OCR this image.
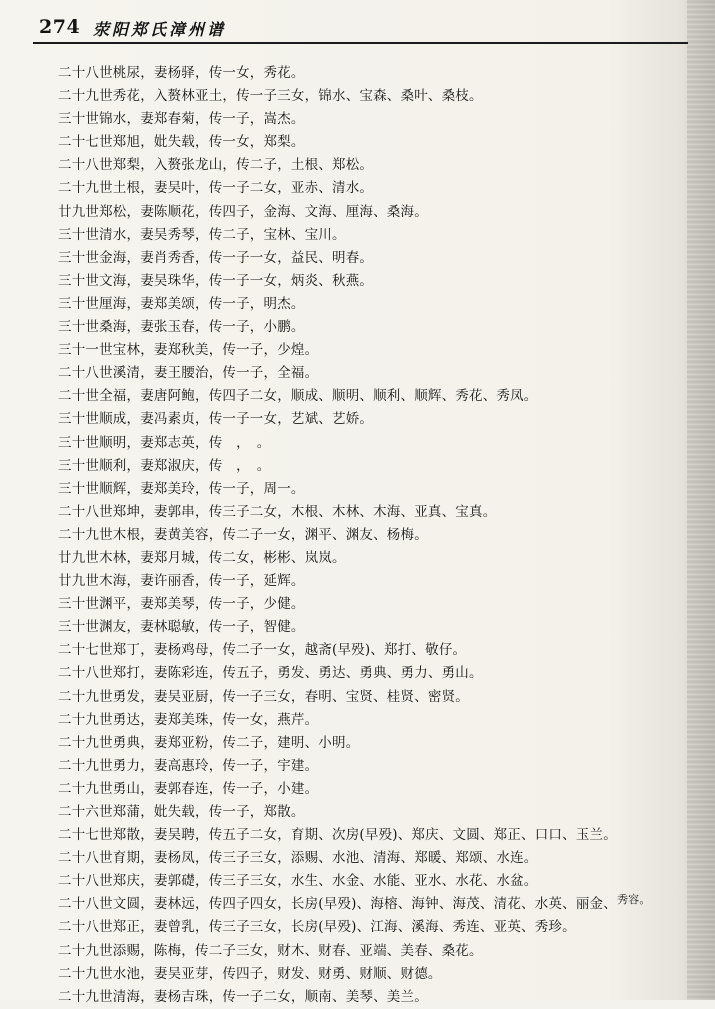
274 荥阳郑氏漳州谱
二十八世桃尿，妻杨驿，传一女，秀花。
二十九世秀花，入赘林亚土，传一子三女，锦水、宝森、桑叶、桑枝。
三十世锦水，妻郑春菊，传一子，嵩杰。
二十七世郑旭，妣失载，传一女，郑梨。
二十八世郑梨，入赘张龙山，传二子，土根、郑松。
二十九世土根，妻吴叶，传一子二女，亚赤、清水。
廿九世郑松，妻陈顺花，传四子，金海、文海、厘海、桑海。
三十世清水，妻吴秀琴，传二子，宝林、宝川。
三十世金海，妻肖秀香，传一子一女，益民、明春。
三十世文海，妻吴珠华，传一子一女，炳炎、秋燕。
三十世厘海，妻郑美颂，传一子，明杰。
三十世桑海，妻张玉春，传一子，小鹏。
三十一世宝林，妻郑秋美，传一子，少煌。
二十八世溪清，妻王腰治，传一子，全福。
二十世全福，妻唐阿鲍，传四子二女，顺成、顺明、顺利、顺辉、秀花、秀凤。
三十世顺成，妻冯素贞，传一子一女，艺斌、艺娇。
三十世顺明，妻郑志英，传　，　。
三十世顺利，妻郑淑庆，传　，　。
三十世顺辉，妻郑美玲，传一子，周一。
二十八世郑坤，妻郭串，传三子二女，木根、木林、木海、亚真、宝真。
二十九世木根，妻黄美容，传二子一女，渊平、渊友、杨梅。
廿九世木林，妻郑月城，传二女，彬彬、岚岚。
廿九世木海，妻许丽香，传一子，延辉。
三十世渊平，妻郑美琴，传一子，少健。
三十世渊友，妻林聪敏，传一子，智健。
二十七世郑丁，妻杨鸡母，传二子一女，越斋(早殁)、郑打、敬仔。
二十八世郑打，妻陈彩连，传五子，勇发、勇达、勇典、勇力、勇山。
二十九世勇发，妻吴亚厨，传一子三女，春明、宝贤、桂贤、密贤。
二十九世勇达，妻郑美珠，传一女，燕芹。
二十九世勇典，妻郑亚粉，传二子，建明、小明。
二十九世勇力，妻高惠玲，传一子，宇建。
二十九世勇山，妻郭春连，传一子，小建。
二十六世郑蒲，妣失载，传一子，郑散。
二十七世郑散，妻吴聘，传五子二女，育期、次房(早殁)、郑庆、文圆、郑正、口口、玉兰。
二十八世育期，妻杨凤，传三子三女，添赐、水池、清海、郑暖、郑颂、水连。
二十八世郑庆，妻郭礎，传三子三女，水生、水金、水能、亚水、水花、水盆。
二十八世文圆，妻林远，传四子四女，长房(早殁)、海榕、海钟、海茂、清花、水英、丽金、$^{秀容。}$
二十八世郑正，妻曾乳，传三子三女，长房(早殁)、江海、溪海、秀连、亚英、秀珍。
二十九世添赐，陈梅，传二子三女，财木、财春、亚端、美春、桑花。
二十九世水池，妻吴亚芽，传四子，财发、财勇、财顺、财德。
二十九世清海，妻杨吉珠，传一子二女，顺南、美琴、美兰。
